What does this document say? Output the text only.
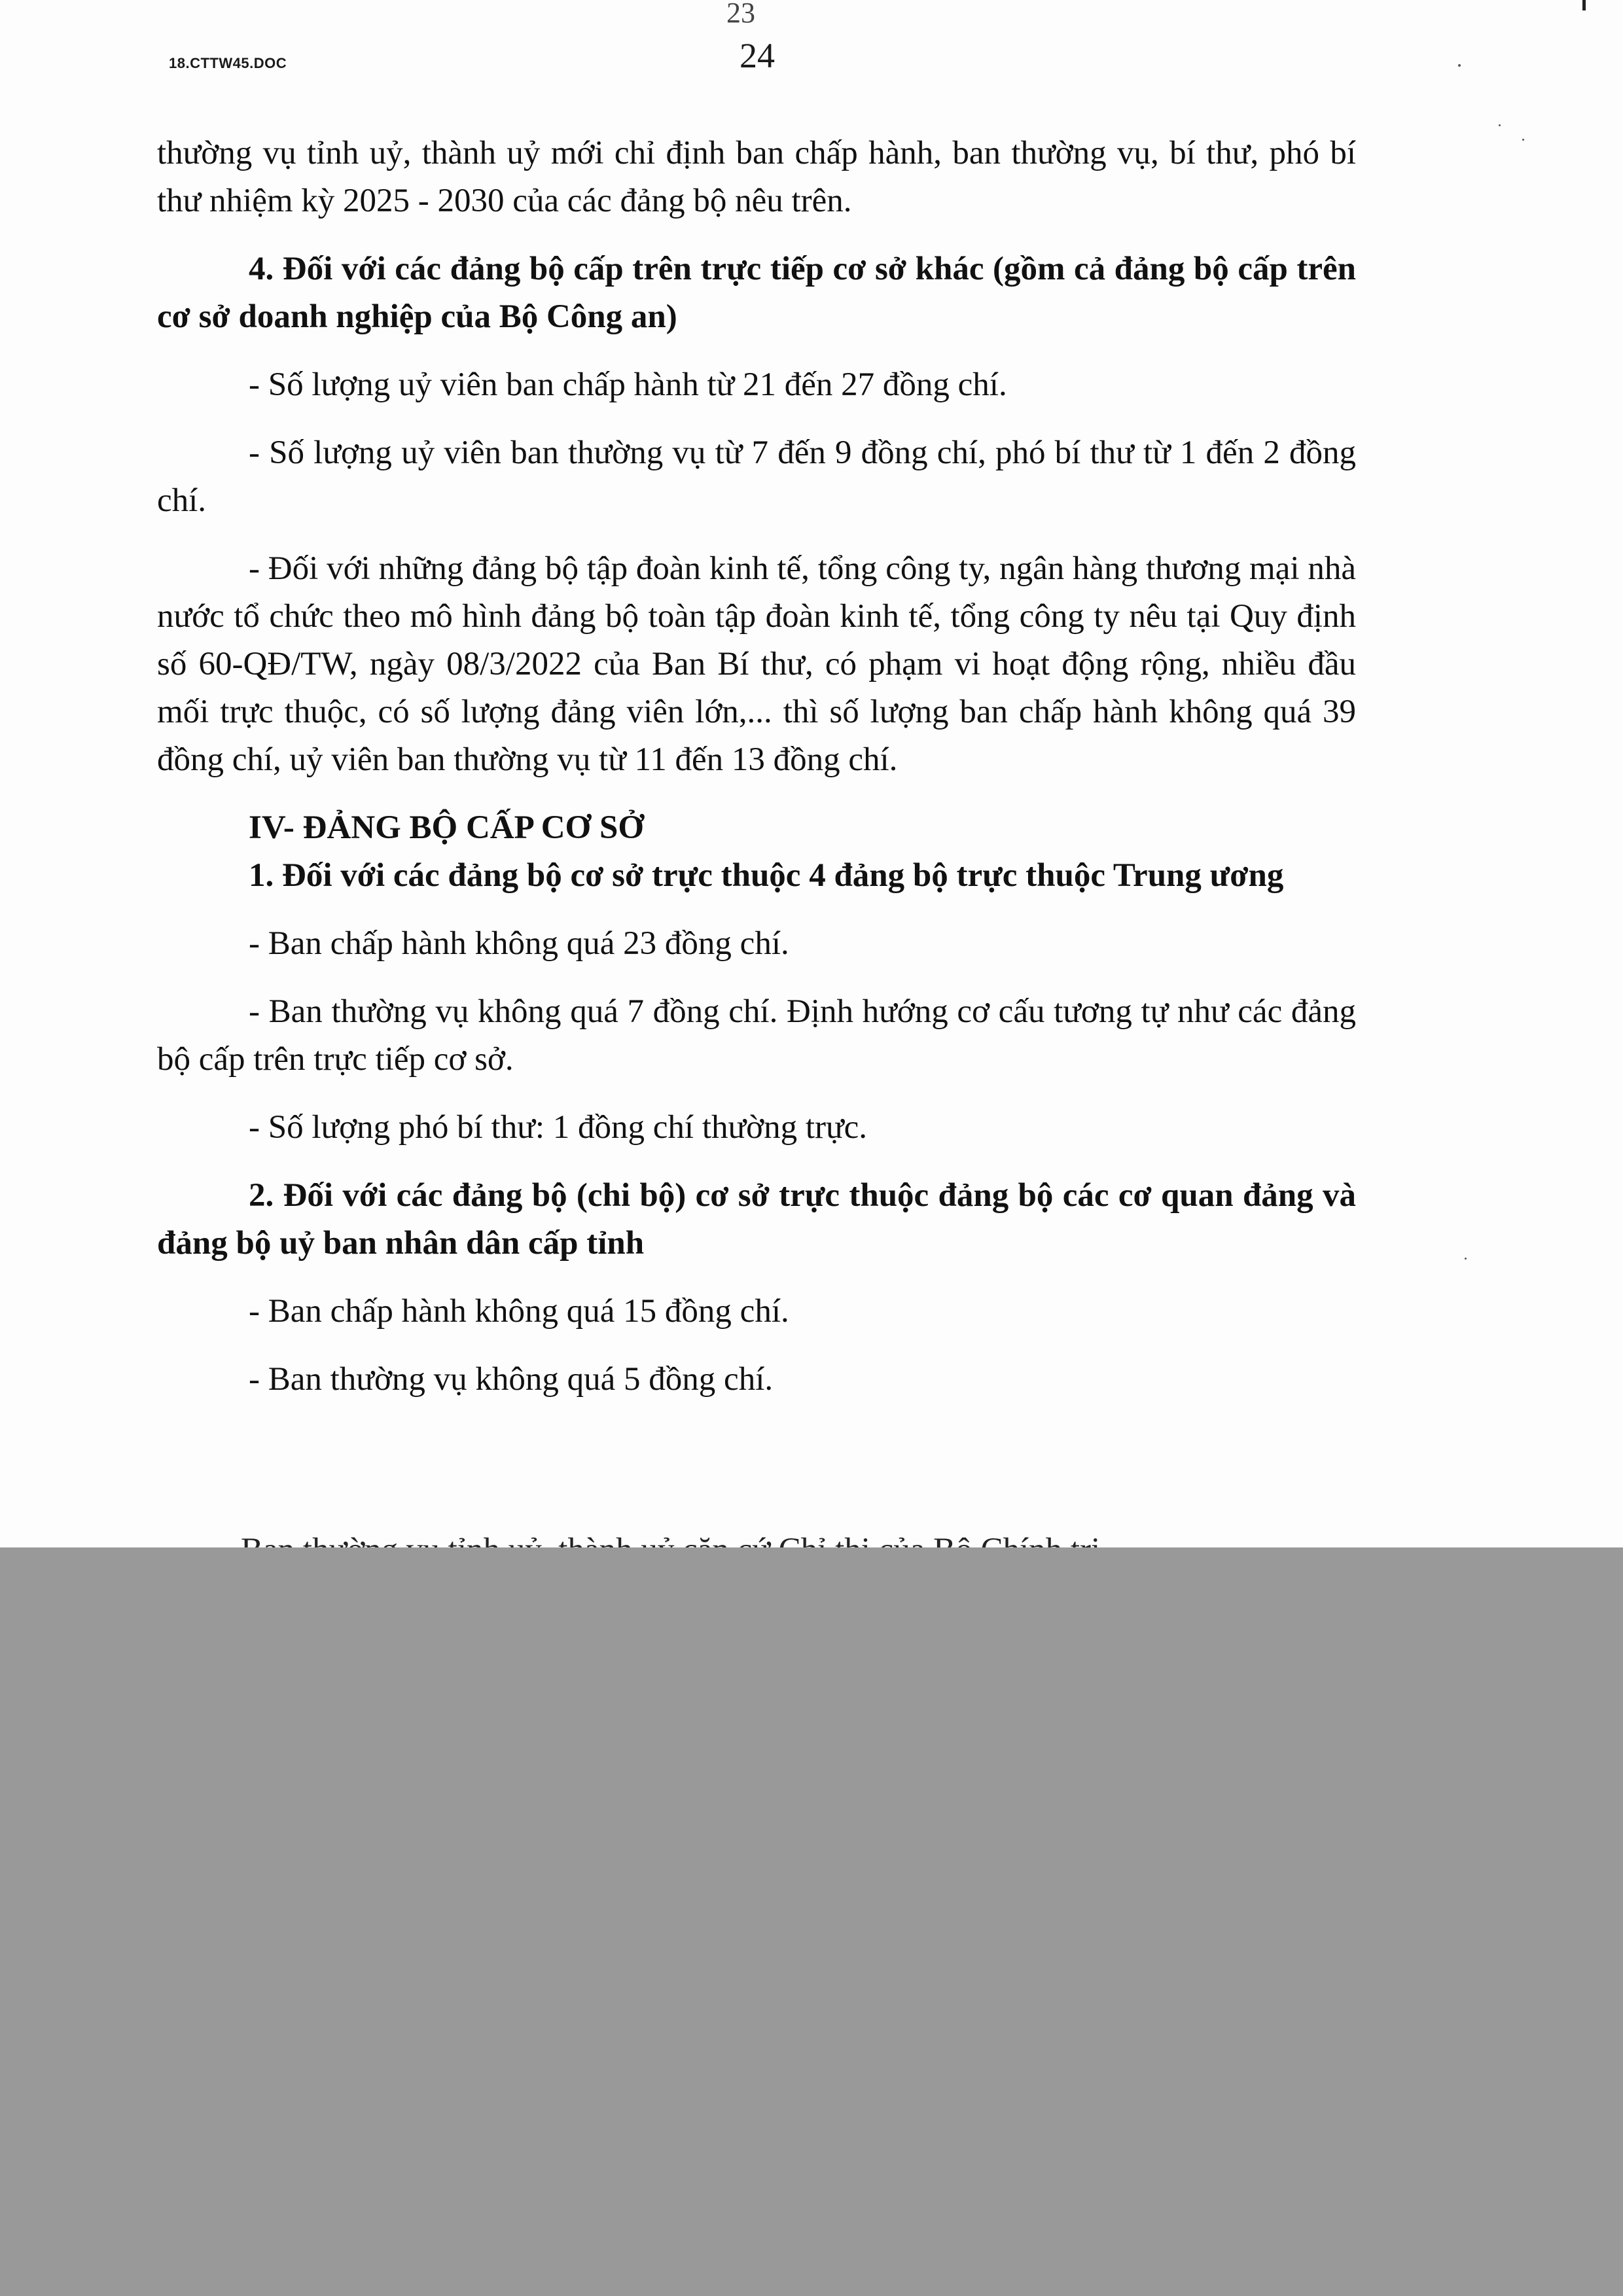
23
18.CTTW45.DOC	24

thường vụ tỉnh uỷ, thành uỷ mới chỉ định ban chấp hành, ban thường vụ, bí thư, phó bí thư nhiệm kỳ 2025 - 2030 của các đảng bộ nêu trên.

4. Đối với các đảng bộ cấp trên trực tiếp cơ sở khác (gồm cả đảng bộ cấp trên cơ sở doanh nghiệp của Bộ Công an)

- Số lượng uỷ viên ban chấp hành từ 21 đến 27 đồng chí.

- Số lượng uỷ viên ban thường vụ từ 7 đến 9 đồng chí, phó bí thư từ 1 đến 2 đồng chí.

- Đối với những đảng bộ tập đoàn kinh tế, tổng công ty, ngân hàng thương mại nhà nước tổ chức theo mô hình đảng bộ toàn tập đoàn kinh tế, tổng công ty nêu tại Quy định số 60-QĐ/TW, ngày 08/3/2022 của Ban Bí thư, có phạm vi hoạt động rộng, nhiều đầu mối trực thuộc, có số lượng đảng viên lớn,... thì số lượng ban chấp hành không quá 39 đồng chí, uỷ viên ban thường vụ từ 11 đến 13 đồng chí.

IV- ĐẢNG BỘ CẤP CƠ SỞ

1. Đối với các đảng bộ cơ sở trực thuộc 4 đảng bộ trực thuộc Trung ương

- Ban chấp hành không quá 23 đồng chí.

- Ban thường vụ không quá 7 đồng chí. Định hướng cơ cấu tương tự như các đảng bộ cấp trên trực tiếp cơ sở.

- Số lượng phó bí thư: 1 đồng chí thường trực.

2. Đối với các đảng bộ (chi bộ) cơ sở trực thuộc đảng bộ các cơ quan đảng và đảng bộ uỷ ban nhân dân cấp tỉnh

- Ban chấp hành không quá 15 đồng chí.

- Ban thường vụ không quá 5 đồng chí.
